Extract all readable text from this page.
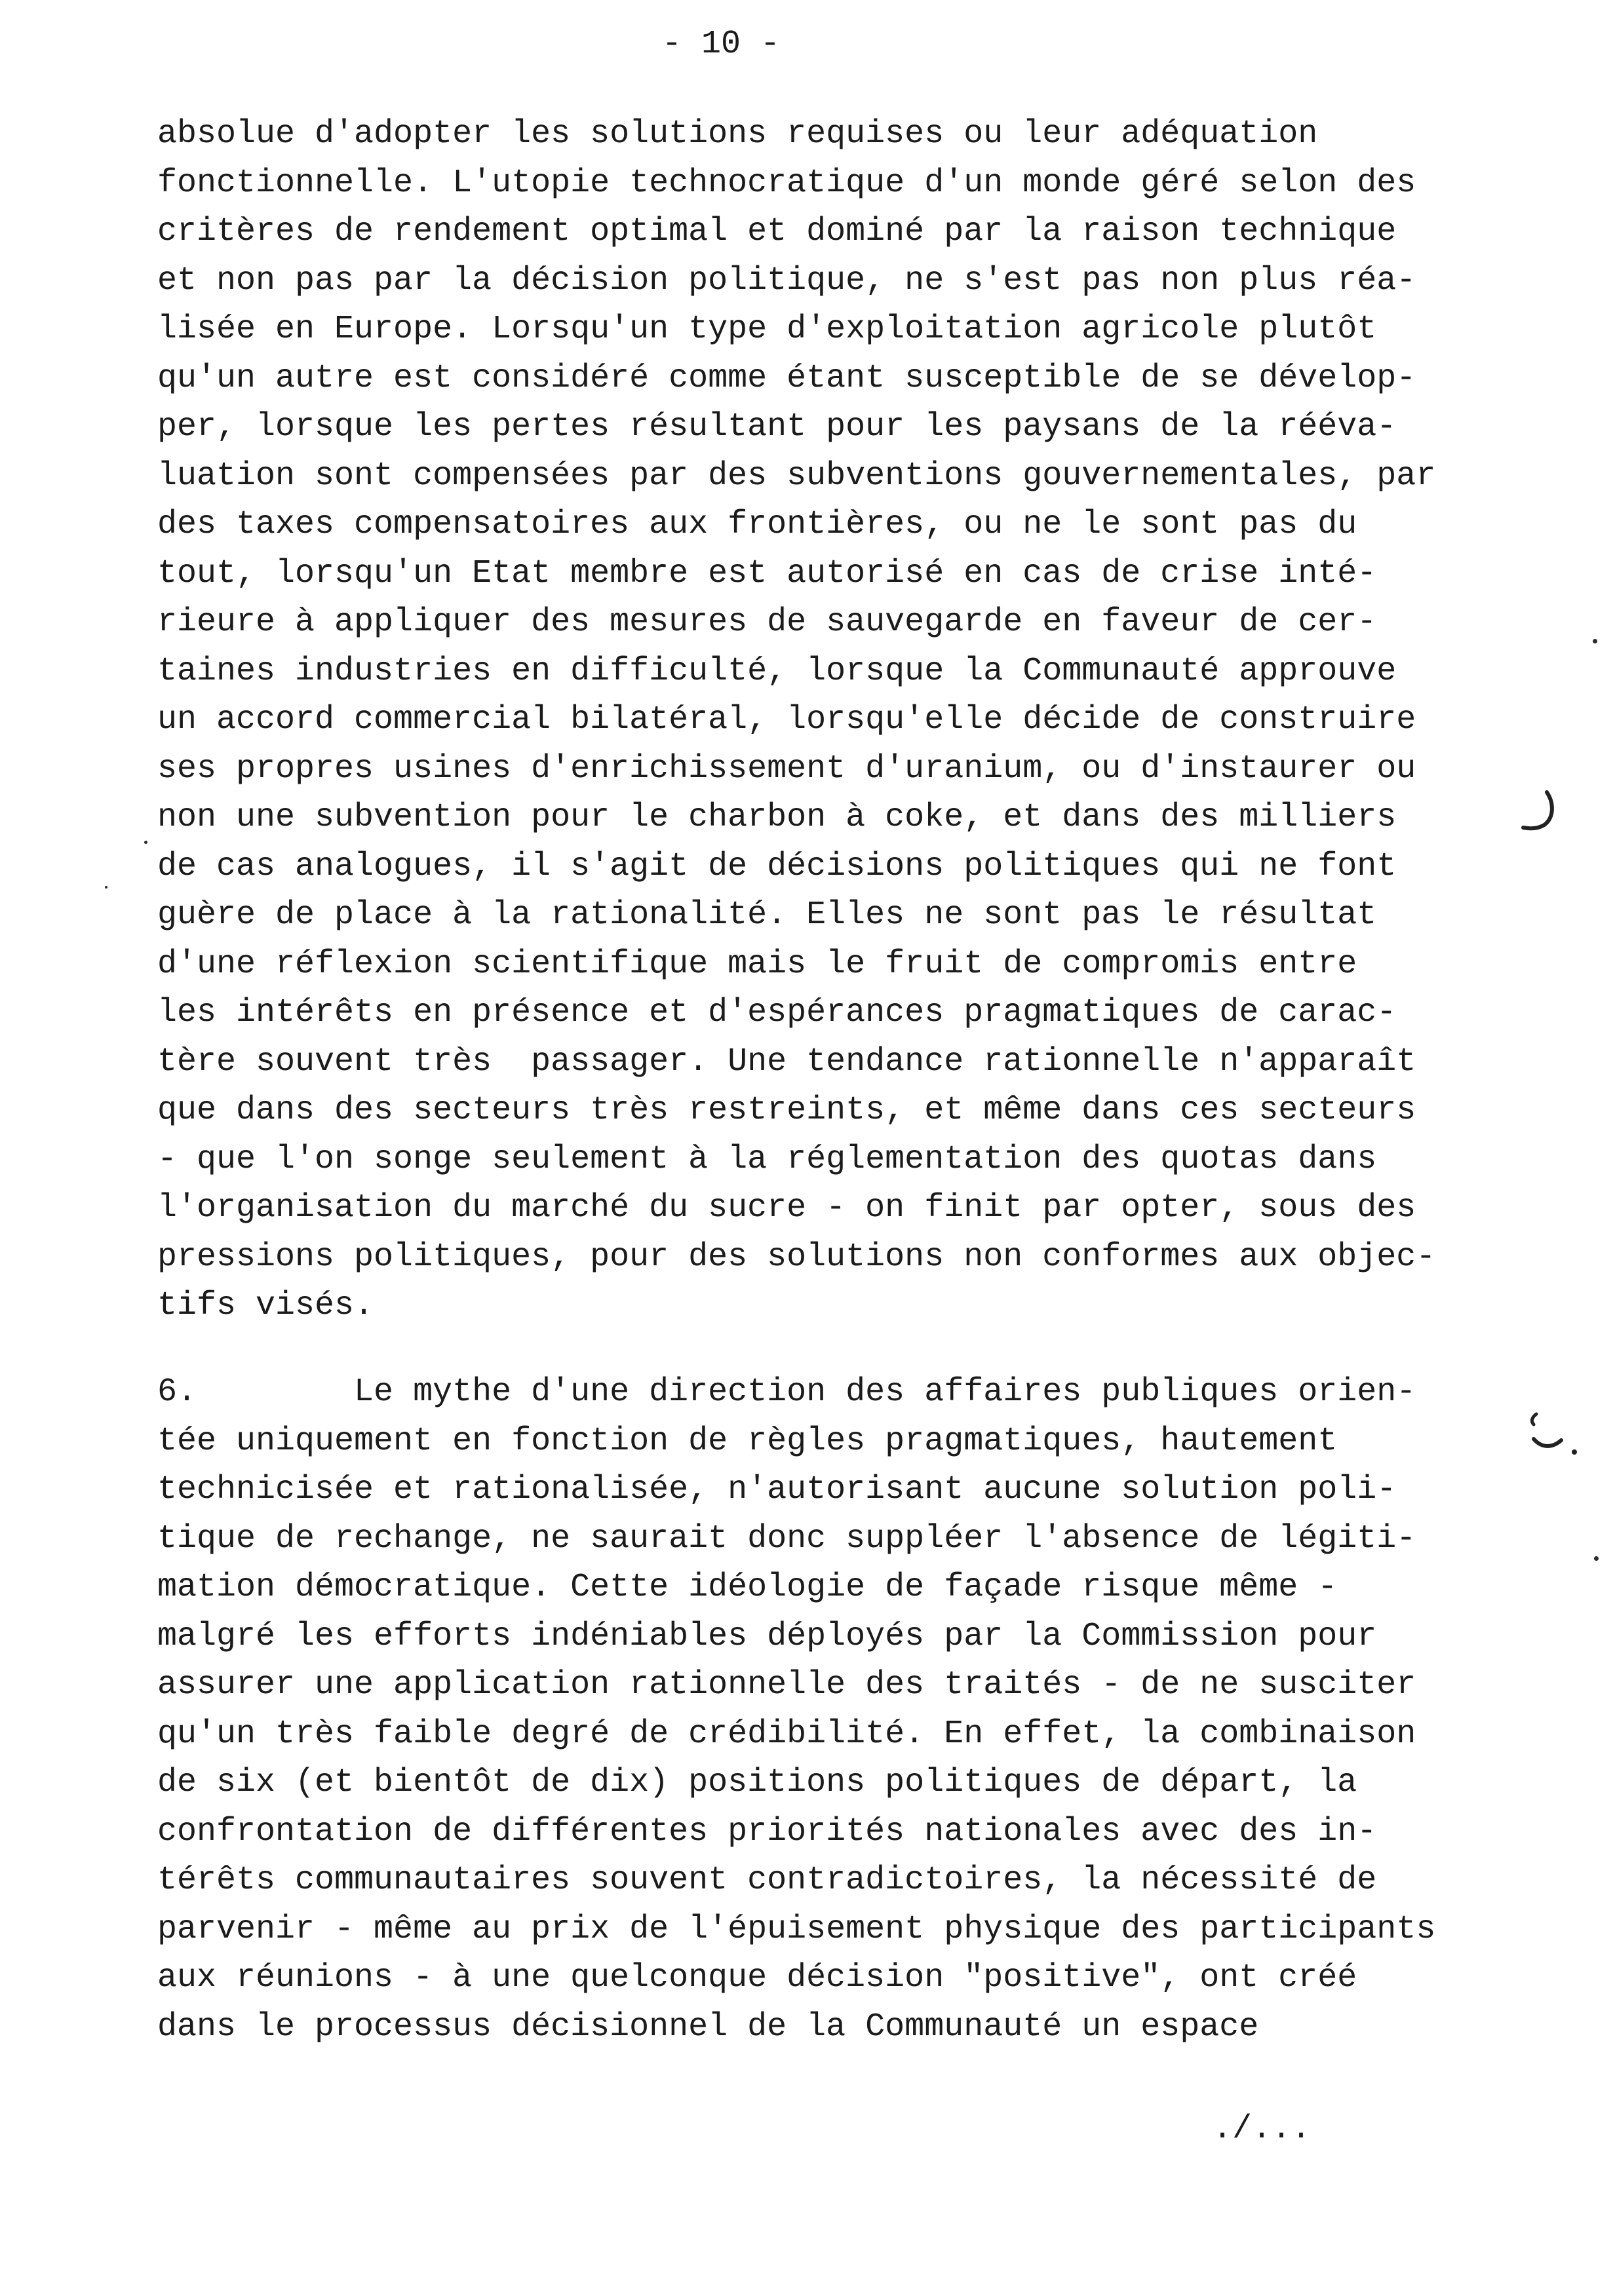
- 10 -
absolue d'adopter les solutions requises ou leur adéquation
fonctionnelle. L'utopie technocratique d'un monde géré selon des
critères de rendement optimal et dominé par la raison technique
et non pas par la décision politique, ne s'est pas non plus réa-
lisée en Europe. Lorsqu'un type d'exploitation agricole plutôt
qu'un autre est considéré comme étant susceptible de se dévelop-
per, lorsque les pertes résultant pour les paysans de la rééva-
luation sont compensées par des subventions gouvernementales, par
des taxes compensatoires aux frontières, ou ne le sont pas du
tout, lorsqu'un Etat membre est autorisé en cas de crise inté-
rieure à appliquer des mesures de sauvegarde en faveur de cer-
taines industries en difficulté, lorsque la Communauté approuve
un accord commercial bilatéral, lorsqu'elle décide de construire
ses propres usines d'enrichissement d'uranium, ou d'instaurer ou
non une subvention pour le charbon à coke, et dans des milliers
de cas analogues, il s'agit de décisions politiques qui ne font
guère de place à la rationalité. Elles ne sont pas le résultat
d'une réflexion scientifique mais le fruit de compromis entre
les intérêts en présence et d'espérances pragmatiques de carac-
tère souvent très  passager. Une tendance rationnelle n'apparaît
que dans des secteurs très restreints, et même dans ces secteurs
- que l'on songe seulement à la réglementation des quotas dans
l'organisation du marché du sucre - on finit par opter, sous des
pressions politiques, pour des solutions non conformes aux objec-
tifs visés.
6.        Le mythe d'une direction des affaires publiques orien-
tée uniquement en fonction de règles pragmatiques, hautement
technicisée et rationalisée, n'autorisant aucune solution poli-
tique de rechange, ne saurait donc suppléer l'absence de légiti-
mation démocratique. Cette idéologie de façade risque même -
malgré les efforts indéniables déployés par la Commission pour
assurer une application rationnelle des traités - de ne susciter
qu'un très faible degré de crédibilité. En effet, la combinaison
de six (et bientôt de dix) positions politiques de départ, la
confrontation de différentes priorités nationales avec des in-
térêts communautaires souvent contradictoires, la nécessité de
parvenir - même au prix de l'épuisement physique des participants
aux réunions - à une quelconque décision "positive", ont créé
dans le processus décisionnel de la Communauté un espace
./...
